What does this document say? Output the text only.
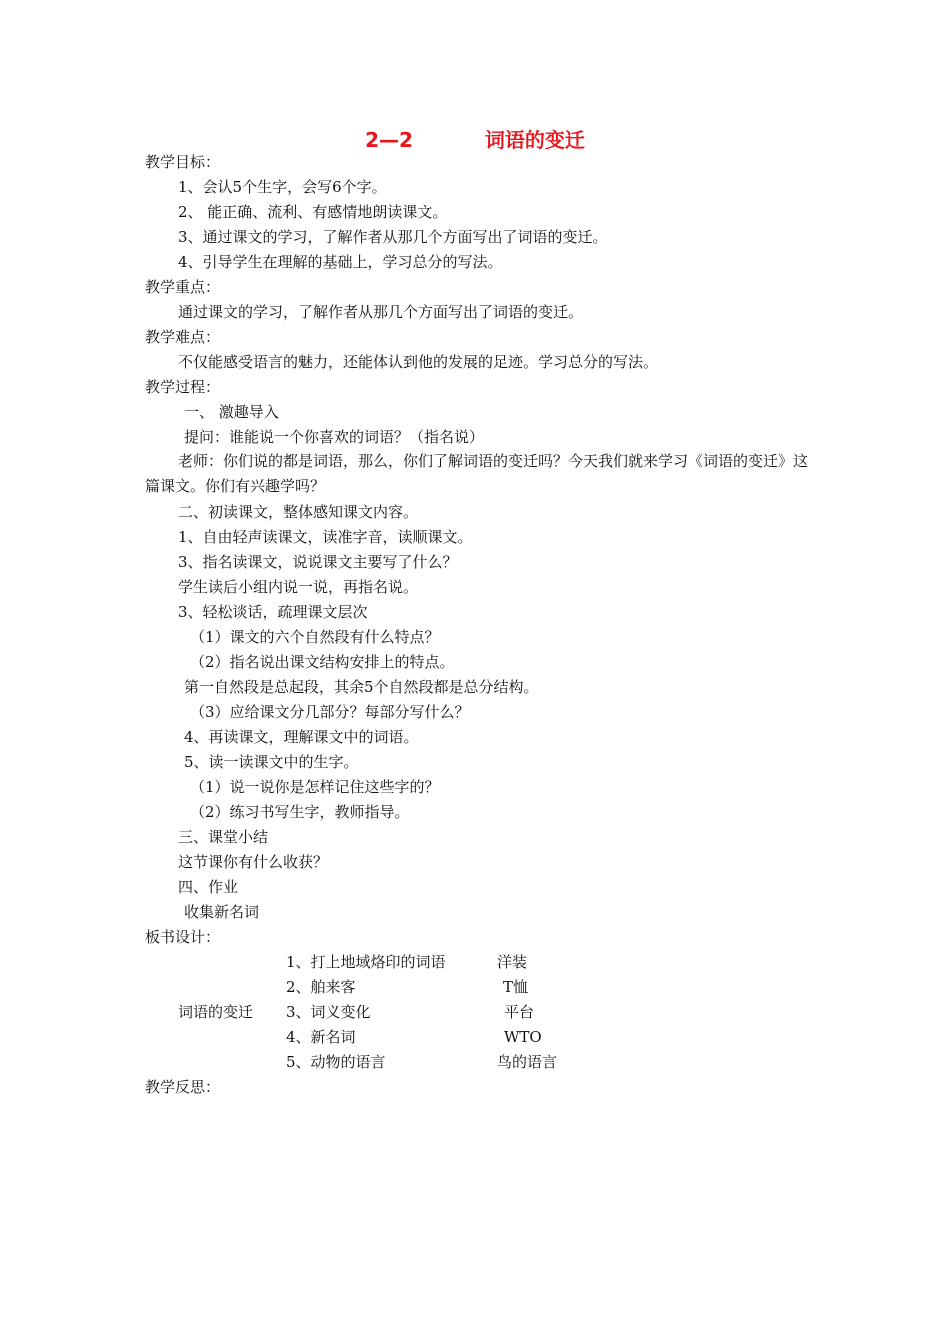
2—2	词语的变迁
教学目标：
1、会认5个生字，会写6个字。
2、 能正确、流利、有感情地朗读课文。
3、通过课文的学习，了解作者从那几个方面写出了词语的变迁。
4、引导学生在理解的基础上，学习总分的写法。
教学重点：
通过课文的学习，了解作者从那几个方面写出了词语的变迁。
教学难点：
不仅能感受语言的魅力，还能体认到他的发展的足迹。学习总分的写法。
教学过程：
一、 激趣导入
提问：谁能说一个你喜欢的词语？（指名说）
老师：你们说的都是词语，那么，你们了解词语的变迁吗？今天我们就来学习《词语的变迁》这篇课文。你们有兴趣学吗？
二、初读课文，整体感知课文内容。
1、自由轻声读课文，读准字音，读顺课文。
3、指名读课文，说说课文主要写了什么？
学生读后小组内说一说，再指名说。
3、轻松谈话，疏理课文层次
（1）课文的六个自然段有什么特点？
（2）指名说出课文结构安排上的特点。
第一自然段是总起段，其余5个自然段都是总分结构。
（3）应给课文分几部分？每部分写什么？
4、再读课文，理解课文中的词语。
5、读一读课文中的生字。
（1）说一说你是怎样记住这些字的？
（2）练习书写生字，教师指导。
三、课堂小结
这节课你有什么收获？
四、作业
收集新名词
板书设计：
词语的变迁
1、打上地域烙印的词语	洋装
2、舶来客	T恤
3、词义变化	平台
4、新名词	WTO
5、动物的语言	鸟的语言
教学反思：
